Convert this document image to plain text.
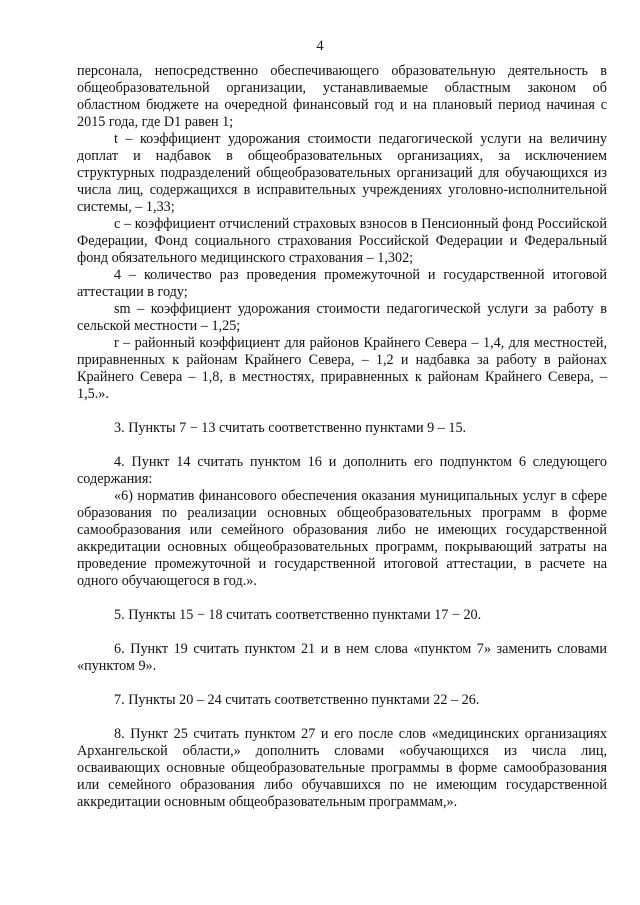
4

персонала, непосредственно обеспечивающего образовательную деятельность в общеобразовательной организации, устанавливаемые областным законом об областном бюджете на очередной финансовый год и на плановый период начиная с 2015 года, где D1 равен 1;

t – коэффициент удорожания стоимости педагогической услуги на величину доплат и надбавок в общеобразовательных организациях, за исключением структурных подразделений общеобразовательных организаций для обучающихся из числа лиц, содержащихся в исправительных учреждениях уголовно-исполнительной системы, – 1,33;

c – коэффициент отчислений страховых взносов в Пенсионный фонд Российской Федерации, Фонд социального страхования Российской Федерации и Федеральный фонд обязательного медицинского страхования – 1,302;

4 – количество раз проведения промежуточной и государственной итоговой аттестации в году;

sm – коэффициент удорожания стоимости педагогической услуги за работу в сельской местности – 1,25;

r – районный коэффициент для районов Крайнего Севера – 1,4, для местностей, приравненных к районам Крайнего Севера, – 1,2 и надбавка за работу в районах Крайнего Севера – 1,8, в местностях, приравненных к районам Крайнего Севера, – 1,5.».

3. Пункты 7 − 13 считать соответственно пунктами 9 – 15.

4. Пункт 14 считать пунктом 16 и дополнить его подпунктом 6 следующего содержания:

«6) норматив финансового обеспечения оказания муниципальных услуг в сфере образования по реализации основных общеобразовательных программ в форме самообразования или семейного образования либо не имеющих государственной аккредитации основных общеобразовательных программ, покрывающий затраты на проведение промежуточной и государственной итоговой аттестации, в расчете на одного обучающегося в год.».

5. Пункты 15 − 18 считать соответственно пунктами 17 − 20.

6. Пункт 19 считать пунктом 21 и в нем слова «пунктом 7» заменить словами «пунктом 9».

7. Пункты 20 – 24 считать соответственно пунктами 22 – 26.

8. Пункт 25 считать пунктом 27 и его после слов «медицинских организациях Архангельской области,» дополнить словами «обучающихся из числа лиц, осваивающих основные общеобразовательные программы в форме самообразования или семейного образования либо обучавшихся по не имеющим государственной аккредитации основным общеобразовательным программам,».
